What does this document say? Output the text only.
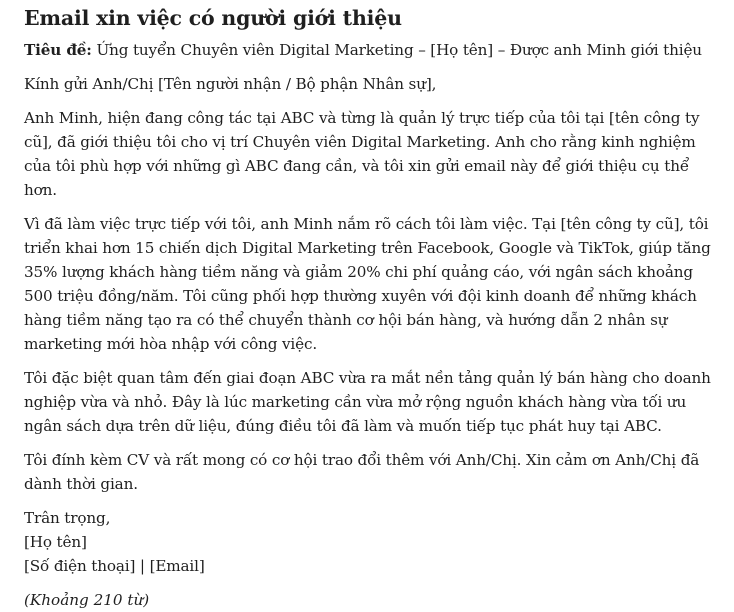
Email xin việc có người giới thiệu
Tiêu đề: Ứng tuyển Chuyên viên Digital Marketing – [Họ tên] – Được anh Minh giới thiệu

Kính gửi Anh/Chị [Tên người nhận / Bộ phận Nhân sự],

Anh Minh, hiện đang công tác tại ABC và từng là quản lý trực tiếp của tôi tại [tên công ty cũ], đã giới thiệu tôi cho vị trí Chuyên viên Digital Marketing. Anh cho rằng kinh nghiệm của tôi phù hợp với những gì ABC đang cần, và tôi xin gửi email này để giới thiệu cụ thể hơn.

Vì đã làm việc trực tiếp với tôi, anh Minh nắm rõ cách tôi làm việc. Tại [tên công ty cũ], tôi triển khai hơn 15 chiến dịch Digital Marketing trên Facebook, Google và TikTok, giúp tăng 35% lượng khách hàng tiềm năng và giảm 20% chi phí quảng cáo, với ngân sách khoảng 500 triệu đồng/năm. Tôi cũng phối hợp thường xuyên với đội kinh doanh để những khách hàng tiềm năng tạo ra có thể chuyển thành cơ hội bán hàng, và hướng dẫn 2 nhân sự marketing mới hòa nhập với công việc.

Tôi đặc biệt quan tâm đến giai đoạn ABC vừa ra mắt nền tảng quản lý bán hàng cho doanh nghiệp vừa và nhỏ. Đây là lúc marketing cần vừa mở rộng nguồn khách hàng vừa tối ưu ngân sách dựa trên dữ liệu, đúng điều tôi đã làm và muốn tiếp tục phát huy tại ABC.

Tôi đính kèm CV và rất mong có cơ hội trao đổi thêm với Anh/Chị. Xin cảm ơn Anh/Chị đã dành thời gian.

Trân trọng,
[Họ tên]
[Số điện thoại] | [Email]
(Khoảng 210 từ)
